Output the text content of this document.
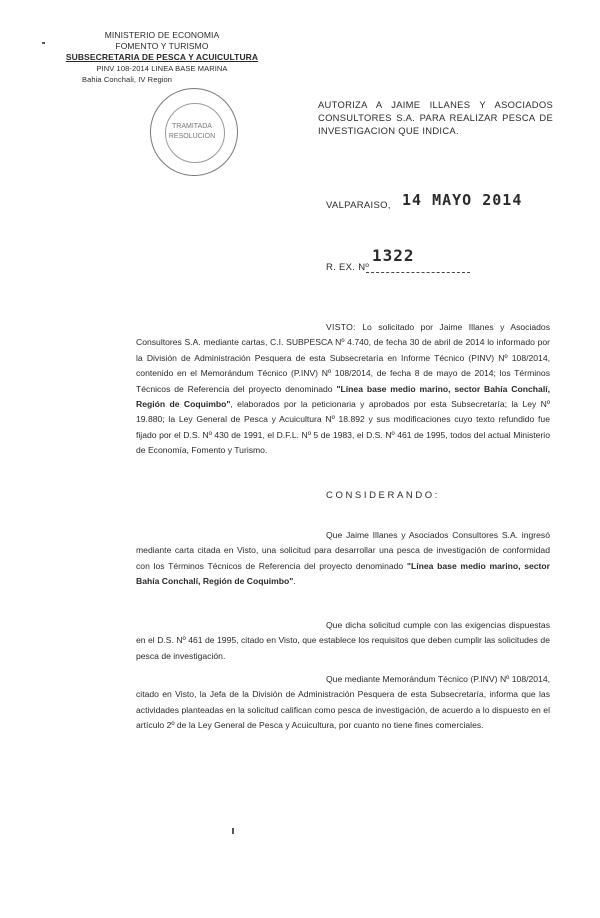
MINISTERIO DE ECONOMIA
FOMENTO Y TURISMO
SUBSECRETARIA DE PESCA Y ACUICULTURA
PINV 108-2014 LINEA BASE MARINA
Bahia Conchali, IV Region
TRAMITADA
RESOLUCION
AUTORIZA A JAIME ILLANES Y ASOCIADOS CONSULTORES S.A. PARA REALIZAR PESCA DE INVESTIGACION QUE INDICA.
VALPARAISO, 14 MAYO 2014
R. EX. Nº
1322
VISTO: Lo solicitado por Jaime Illanes y Asociados Consultores S.A. mediante cartas, C.I. SUBPESCA Nº 4.740, de fecha 30 de abril de 2014 lo informado por la División de Administración Pesquera de esta Subsecretaría en Informe Técnico (PINV) Nº 108/2014, contenido en el Memorándum Técnico (P.INV) Nº 108/2014, de fecha 8 de mayo de 2014; los Términos Técnicos de Referencia del proyecto denominado "Línea base medio marino, sector Bahía Conchalí, Región de Coquimbo", elaborados por la peticionaria y aprobados por esta Subsecretaría; la Ley Nº 19.880; la Ley General de Pesca y Acuicultura Nº 18.892 y sus modificaciones cuyo texto refundido fue fijado por el D.S. Nº 430 de 1991, el D.F.L. Nº 5 de 1983, el D.S. Nº 461 de 1995, todos del actual Ministerio de Economía, Fomento y Turismo.
CONSIDERANDO:
Que Jaime Illanes y Asociados Consultores S.A. ingresó mediante carta citada en Visto, una solicitud para desarrollar una pesca de investigación de conformidad con los Términos Técnicos de Referencia del proyecto denominado "Línea base medio marino, sector Bahía Conchalí, Región de Coquimbo".
Que dicha solicitud cumple con las exigencias dispuestas en el D.S. Nº 461 de 1995, citado en Visto, que establece los requisitos que deben cumplir las solicitudes de pesca de investigación.
Que mediante Memorándum Técnico (P.INV) Nº 108/2014, citado en Visto, la Jefa de la División de Administración Pesquera de esta Subsecretaría, informa que las actividades planteadas en la solicitud califican como pesca de investigación, de acuerdo a lo dispuesto en el artículo 2º de la Ley General de Pesca y Acuicultura, por cuanto no tiene fines comerciales.
